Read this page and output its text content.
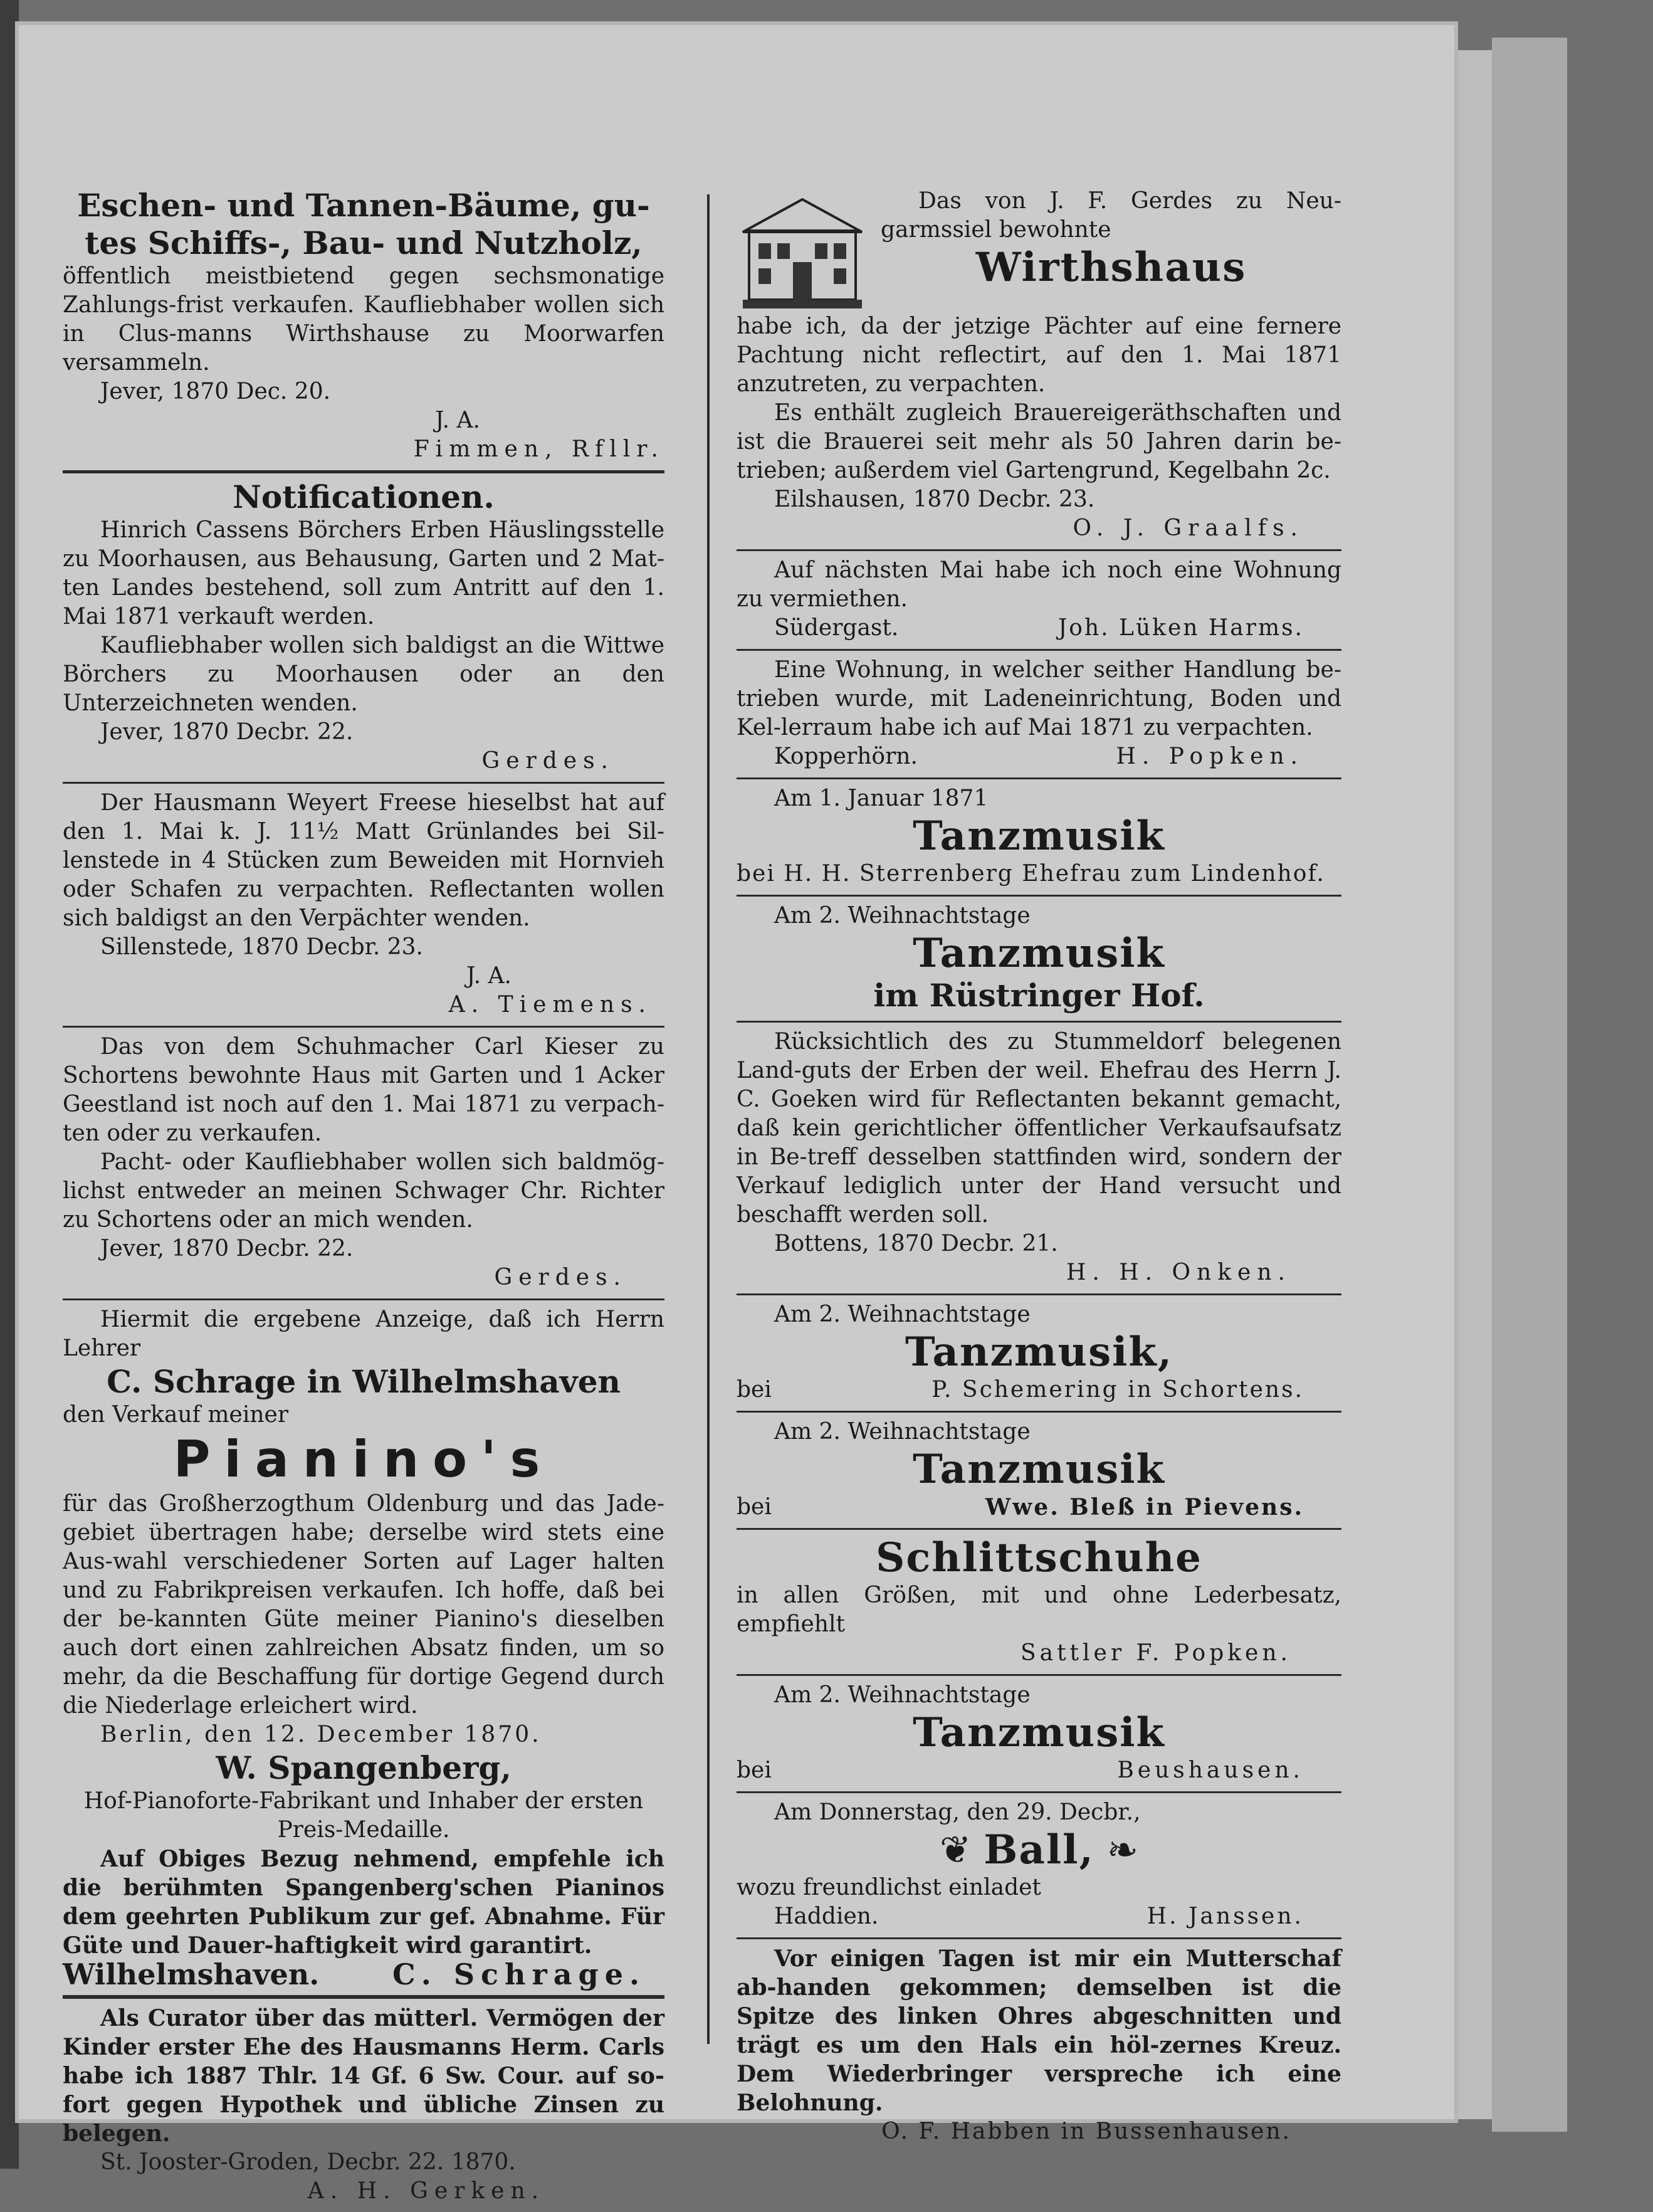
Eschen- und Tannen-Bäume, gu-

tes Schiffs-, Bau- und Nutzholz,

öffentlich meistbietend gegen sechsmonatige Zahlungs-frist verkaufen. Kaufliebhaber wollen sich in Clus-manns Wirthshause zu Moorwarfen versammeln.

Jever, 1870 Dec. 20.

J. A.

Fimmen, Rfllr.

Notificationen.

Hinrich Cassens Börchers Erben Häuslingsstelle zu Moorhausen, aus Behausung, Garten und 2 Mat-ten Landes bestehend, soll zum Antritt auf den 1. Mai 1871 verkauft werden.

Kaufliebhaber wollen sich baldigst an die Wittwe Börchers zu Moorhausen oder an den Unterzeichneten wenden.

Jever, 1870 Decbr. 22.

Gerdes.

Der Hausmann Weyert Freese hieselbst hat auf den 1. Mai k. J. 11½ Matt Grünlandes bei Sil-lenstede in 4 Stücken zum Beweiden mit Hornvieh oder Schafen zu verpachten. Reflectanten wollen sich baldigst an den Verpächter wenden.

Sillenstede, 1870 Decbr. 23.

J. A.

A. Tiemens.

Das von dem Schuhmacher Carl Kieser zu Schortens bewohnte Haus mit Garten und 1 Acker Geestland ist noch auf den 1. Mai 1871 zu verpach-ten oder zu verkaufen.

Pacht- oder Kaufliebhaber wollen sich baldmög-lichst entweder an meinen Schwager Chr. Richter zu Schortens oder an mich wenden.

Jever, 1870 Decbr. 22.

Gerdes.

Hiermit die ergebene Anzeige, daß ich Herrn Lehrer

C. Schrage in Wilhelmshaven

den Verkauf meiner

Pianino's

für das Großherzogthum Oldenburg und das Jade-gebiet übertragen habe; derselbe wird stets eine Aus-wahl verschiedener Sorten auf Lager halten und zu Fabrikpreisen verkaufen. Ich hoffe, daß bei der be-kannten Güte meiner Pianino's dieselben auch dort einen zahlreichen Absatz finden, um so mehr, da die Beschaffung für dortige Gegend durch die Niederlage erleichert wird.

Berlin, den 12. December 1870.

W. Spangenberg,

Hof-Pianoforte-Fabrikant und Inhaber der ersten

Preis-Medaille.

Auf Obiges Bezug nehmend, empfehle ich die berühmten Spangenberg'schen Pianinos dem geehrten Publikum zur gef. Abnahme. Für Güte und Dauer-haftigkeit wird garantirt.

Wilhelmshaven.	C. Schrage.

Als Curator über das mütterl. Vermögen der Kinder erster Ehe des Hausmanns Herm. Carls habe ich 1887 Thlr. 14 Gf. 6 Sw. Cour. auf so-fort gegen Hypothek und übliche Zinsen zu belegen.

St. Jooster-Groden, Decbr. 22. 1870.

A. H. Gerken.

Das von J. F. Gerdes zu Neu-garmssiel bewohnte

Wirthshaus

habe ich, da der jetzige Pächter auf eine fernere Pachtung nicht reflectirt, auf den 1. Mai 1871 anzutreten, zu verpachten.

Es enthält zugleich Brauereigeräthschaften und ist die Brauerei seit mehr als 50 Jahren darin be-trieben; außerdem viel Gartengrund, Kegelbahn 2c.

Eilshausen, 1870 Decbr. 23.

O. J. Graalfs.

Auf nächsten Mai habe ich noch eine Wohnung zu vermiethen.

Südergast.	Joh. Lüken Harms.

Eine Wohnung, in welcher seither Handlung be-trieben wurde, mit Ladeneinrichtung, Boden und Kel-lerraum habe ich auf Mai 1871 zu verpachten.

Kopperhörn.	H. Popken.

Am 1. Januar 1871

Tanzmusik

bei H. H. Sterrenberg Ehefrau zum Lindenhof.

Am 2. Weihnachtstage

Tanzmusik

im Rüstringer Hof.

Rücksichtlich des zu Stummeldorf belegenen Land-guts der Erben der weil. Ehefrau des Herrn J. C. Goeken wird für Reflectanten bekannt gemacht, daß kein gerichtlicher öffentlicher Verkaufsaufsatz in Be-treff desselben stattfinden wird, sondern der Verkauf lediglich unter der Hand versucht und beschafft werden soll.

Bottens, 1870 Decbr. 21.

H. H. Onken.

Am 2. Weihnachtstage

Tanzmusik,

bei	P. Schemering in Schortens.

Am 2. Weihnachtstage

Tanzmusik

bei	Wwe. Bleß in Pievens.

Schlittschuhe

in allen Größen, mit und ohne Lederbesatz, empfiehlt

Sattler F. Popken.

Am 2. Weihnachtstage

Tanzmusik

bei	Beushausen.

Am Donnerstag, den 29. Decbr.,

❦ Ball, ❧

wozu freundlichst einladet

Haddien.	H. Janssen.

Vor einigen Tagen ist mir ein Mutterschaf ab-handen gekommen; demselben ist die Spitze des linken Ohres abgeschnitten und trägt es um den Hals ein höl-zernes Kreuz. Dem Wiederbringer verspreche ich eine Belohnung.

O. F. Habben in Bussenhausen.
